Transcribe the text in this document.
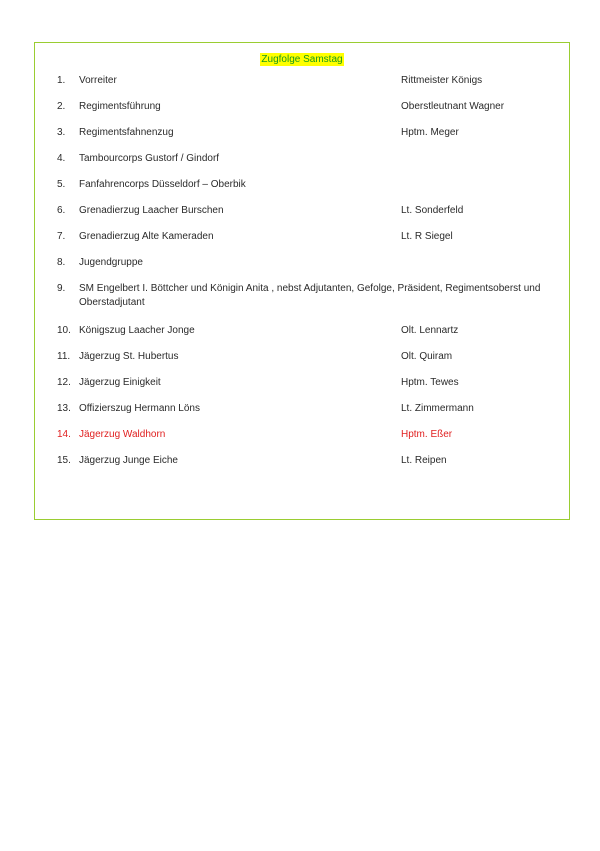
Zugfolge Samstag
1. Vorreiter	Rittmeister Königs
2. Regimentsführung	Oberstleutnant Wagner
3. Regimentsfahnenzug	Hptm. Meger
4. Tambourcorps Gustorf / Gindorf
5. Fanfahrencorps Düsseldorf – Oberbik
6. Grenadierzug Laacher Burschen	Lt. Sonderfeld
7. Grenadierzug Alte Kameraden	Lt. R Siegel
8. Jugendgruppe
9. SM Engelbert I. Böttcher und Königin Anita , nebst Adjutanten, Gefolge, Präsident, Regimentsoberst und Oberstadjutant
10. Königszug Laacher Jonge	Olt. Lennartz
11. Jägerzug St. Hubertus	Olt. Quiram
12. Jägerzug Einigkeit	Hptm. Tewes
13. Offizierszug Hermann Löns	Lt. Zimmermann
14. Jägerzug Waldhorn	Hptm. Eßer
15. Jägerzug Junge Eiche	Lt. Reipen
